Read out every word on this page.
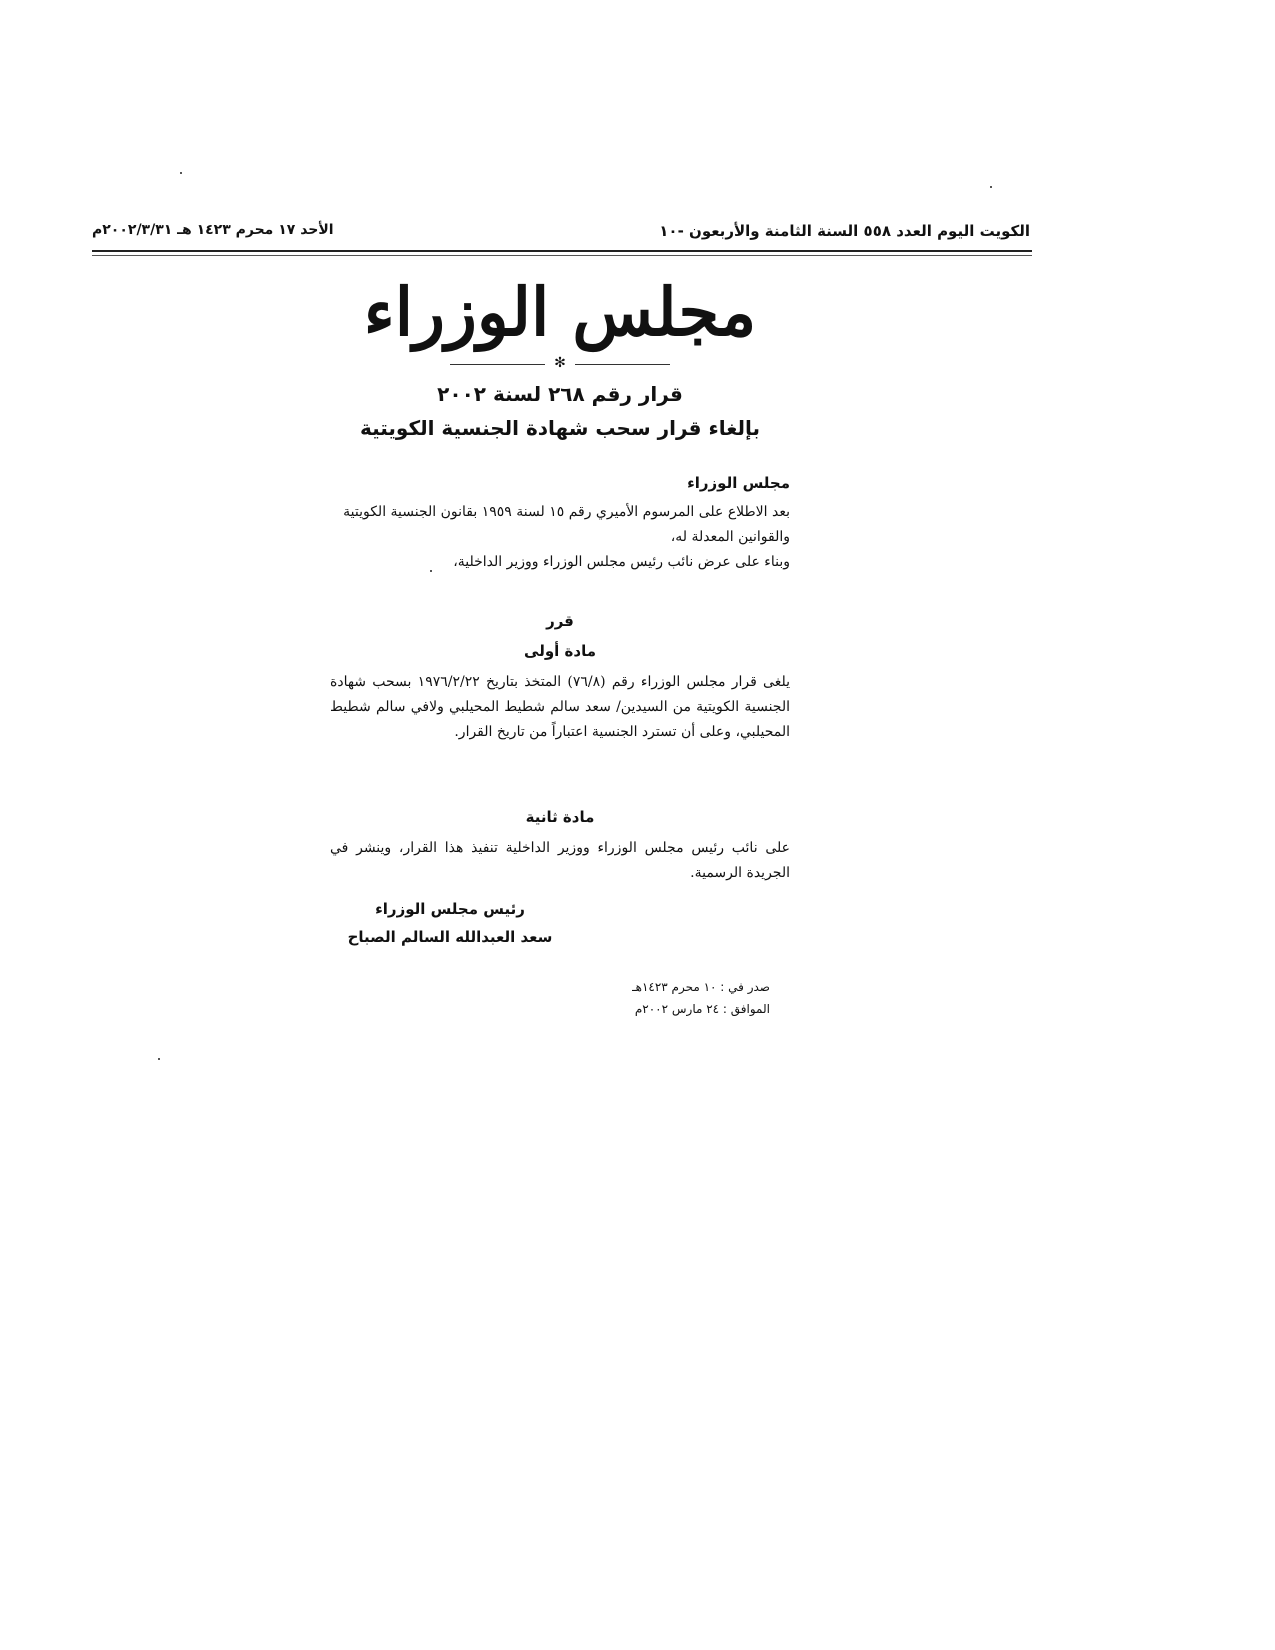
الأحد ١٧ محرم ١٤٢٣ هـ ٢٠٠٢/٣/٣١م	الكويت اليوم العدد ٥٥٨ السنة الثامنة والأربعون -١٠
مجلس الوزراء
✻
قرار رقم ٢٦٨ لسنة ٢٠٠٢
بإلغاء قرار سحب شهادة الجنسية الكويتية
مجلس الوزراء

بعد الاطلاع على المرسوم الأميري رقم ١٥ لسنة ١٩٥٩ بقانون الجنسية الكويتية والقوانين المعدلة له،

وبناء على عرض نائب رئيس مجلس الوزراء ووزير الداخلية،

قرر
مادة أولى
يلغى قرار مجلس الوزراء رقم (٧٦/٨) المتخذ بتاريخ ١٩٧٦/٢/٢٢ بسحب شهادة الجنسية الكويتية من السيدين/ سعد سالم شطيط المحيلبي ولافي سالم شطيط المحيلبي، وعلى أن تسترد الجنسية اعتباراً من تاريخ القرار.
مادة ثانية
على نائب رئيس مجلس الوزراء ووزير الداخلية تنفيذ هذا القرار، وينشر في الجريدة الرسمية.
رئيس مجلس الوزراء
سعد العبدالله السالم الصباح
صدر في : ١٠ محرم ١٤٢٣هـ
الموافق : ٢٤ مارس ٢٠٠٢م
